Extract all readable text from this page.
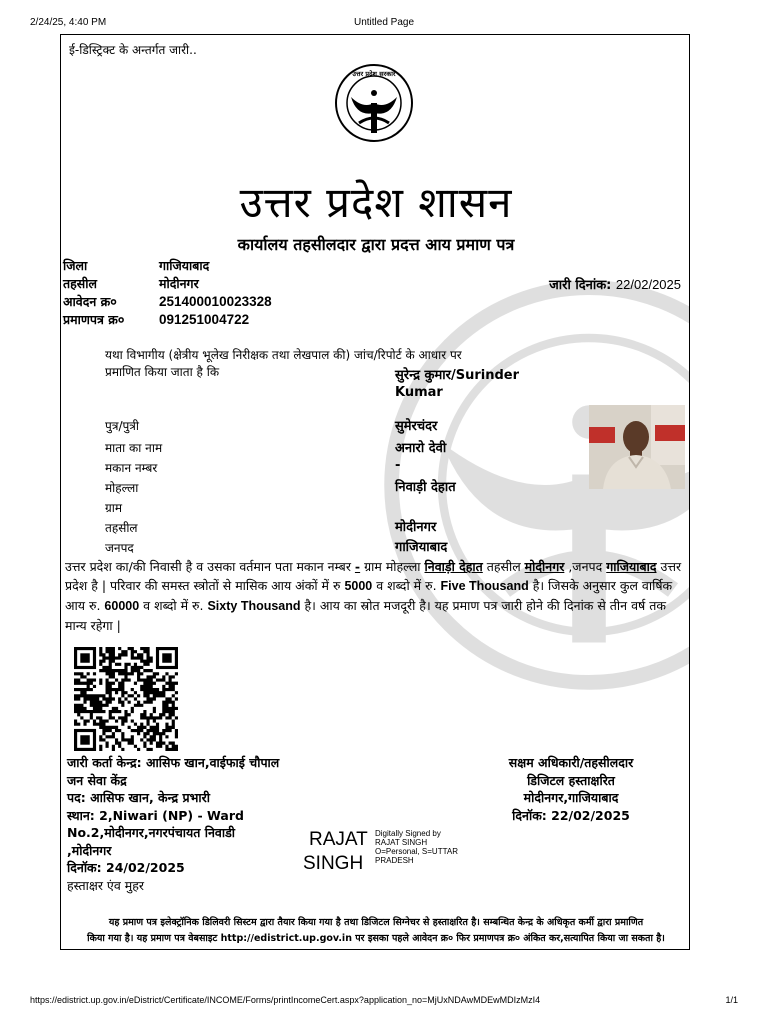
2/24/25, 4:40 PM	Untitled Page
ई-डिस्ट्रिक्ट के अन्तर्गत जारी..
उत्तर प्रदेश सरकार
उत्तर प्रदेश शासन
कार्यालय तहसीलदार द्वारा प्रदत्त आय प्रमाण पत्र
जिला	गाजियाबाद
तहसील	मोदीनगर
आवेदन क्र०	251400010023328
प्रमाणपत्र क्र०	091251004722
जारी दिनांक: 22/02/2025
यथा विभागीय (क्षेत्रीय भूलेख निरीक्षक तथा लेखपाल की) जांच/रिपोर्ट के आधार पर
प्रमाणित किया जाता है कि	सुरेन्द्र कुमार/Surinder Kumar
पुत्र/पुत्री	सुमेरचंदर
माता का नाम	अनारो देवी
मकान नम्बर	-
मोहल्ला	निवाड़ी देहात
ग्राम
तहसील	मोदीनगर
जनपद	गाजियाबाद
उत्तर प्रदेश का/की निवासी है व उसका वर्तमान पता मकान नम्बर - ग्राम मोहल्ला निवाड़ी देहात तहसील मोदीनगर ,जनपद गाजियाबाद उत्तर प्रदेश है | परिवार की समस्त स्त्रोतों से मासिक आय अंकों में रु 5000 व शब्दो में रु. Five Thousand है। जिसके अनुसार कुल वार्षिक आय रु. 60000 व शब्दो में रु. Sixty Thousand है। आय का स्रोत मजदूरी है। यह प्रमाण पत्र जारी होने की दिनांक से तीन वर्ष तक मान्य रहेगा |
जारी कर्ता केन्द्र: आसिफ खान,वाईफाई चौपाल जन सेवा केंद्र
पद: आसिफ खान, केन्द्र प्रभारी
स्थान: 2,Niwari (NP) - Ward No.2,मोदीनगर,नगरपंचायत निवाडी ,मोदीनगर
दिनॉक: 24/02/2025
हस्ताक्षर एंव मुहर
सक्षम अधिकारी/तहसीलदार
डिजिटल हस्ताक्षरित
मोदीनगर,गाजियाबाद
दिनॉक: 22/02/2025
RAJAT
SINGH
Digitally Signed by
RAJAT SINGH
O=Personal, S=UTTAR
PRADESH
यह प्रमाण पत्र इलेक्ट्रॉनिक डिलिवरी सिस्टम द्वारा तैयार किया गया है तथा डिजिटल सिग्नेचर से हस्ताक्षरित है। सम्बन्धित केन्द्र के अधिकृत कर्मी द्वारा प्रमाणित
किया गया है। यह प्रमाण पत्र वेबसाइट http://edistrict.up.gov.in पर इसका पहले आवेदन क्र० फिर प्रमाणपत्र क्र० अंकित कर,सत्यापित किया जा सकता है।
https://edistrict.up.gov.in/eDistrict/Certificate/INCOME/Forms/printIncomeCert.aspx?application_no=MjUxNDAwMDEwMDIzMzI4	1/1
